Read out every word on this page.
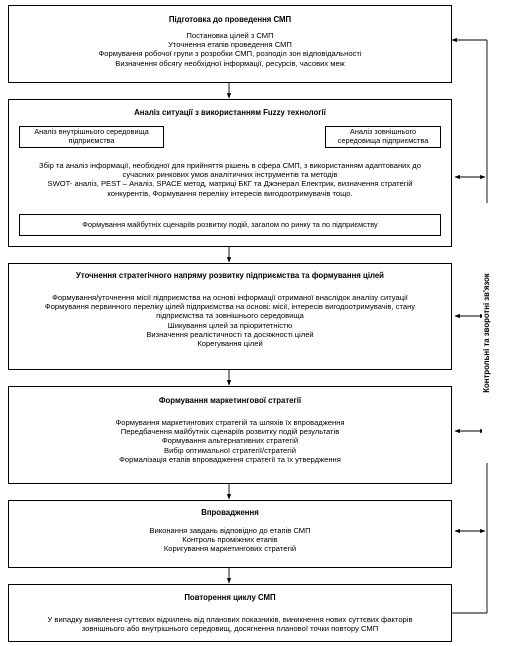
Підготовка до проведення СМП
Постановка цілей з СМП
Уточнення етапів проведення СМП
Формування робочої групи з розробки СМП, розподіл зон відповідальності
Визначення обсягу необхідної інформації, ресурсів, часових меж
Аналіз ситуації з використанням Fuzzy технології
Аналіз внутрішнього середовища підприємства
Аналіз зовнішнього середовища підприємства
Збір та аналіз інформації, необхідної для прийняття рішень в сфера СМП, з використанням адаптованих до
сучасних ринкових умов аналітичних інструментів та методів
SWOT- аналіз, PEST – Аналіз, SPACE метод, матриці БКГ та Джэнерал Електрик, визначення стратегій
конкурентів, Формування переліку інтересів вигодоотримувачів тощо.
Формування майбутніх сценаріїв розвитку подій, загалом по ринку та по підприємству
Уточнення стратегічного напряму розвитку підприємства та формування цілей
Формування/уточнення місії підприємства на основі інформації отриманої внаслідок аналізу ситуації
Формування первинного переліку цілей підприємства на основі: місії, інтересів вигодоотримувачів, стану
підприємства та зовнішнього середовища
Шикування цілей за пріоритетністю
Визначення реалістичності та досяжності цілей
Корегування цілей
Формування маркетингової стратегії
Формування маркетингових стратегій та шляхів їх впровадження
Передбачення майбутніх сценаріїв розвитку подій результатів
Формування альтернативних стратегій
Вибір оптимальної стратегії/стратегій
Формалізація етапів впровадження стратегії та їх утвердження
Впровадження
Виконання завдань відповідно до етапів СМП
Контроль проміжних етапів
Коригування маркетингових стратегій
Повторення циклу СМП
У випадку виявлення суттєвих відхилень від планових показників, виникнення нових суттєвих факторів
зовнішнього або внутрішнього середовищ, досягнення планової точки повтору СМП
Контрольні та зворотні зв'язок
